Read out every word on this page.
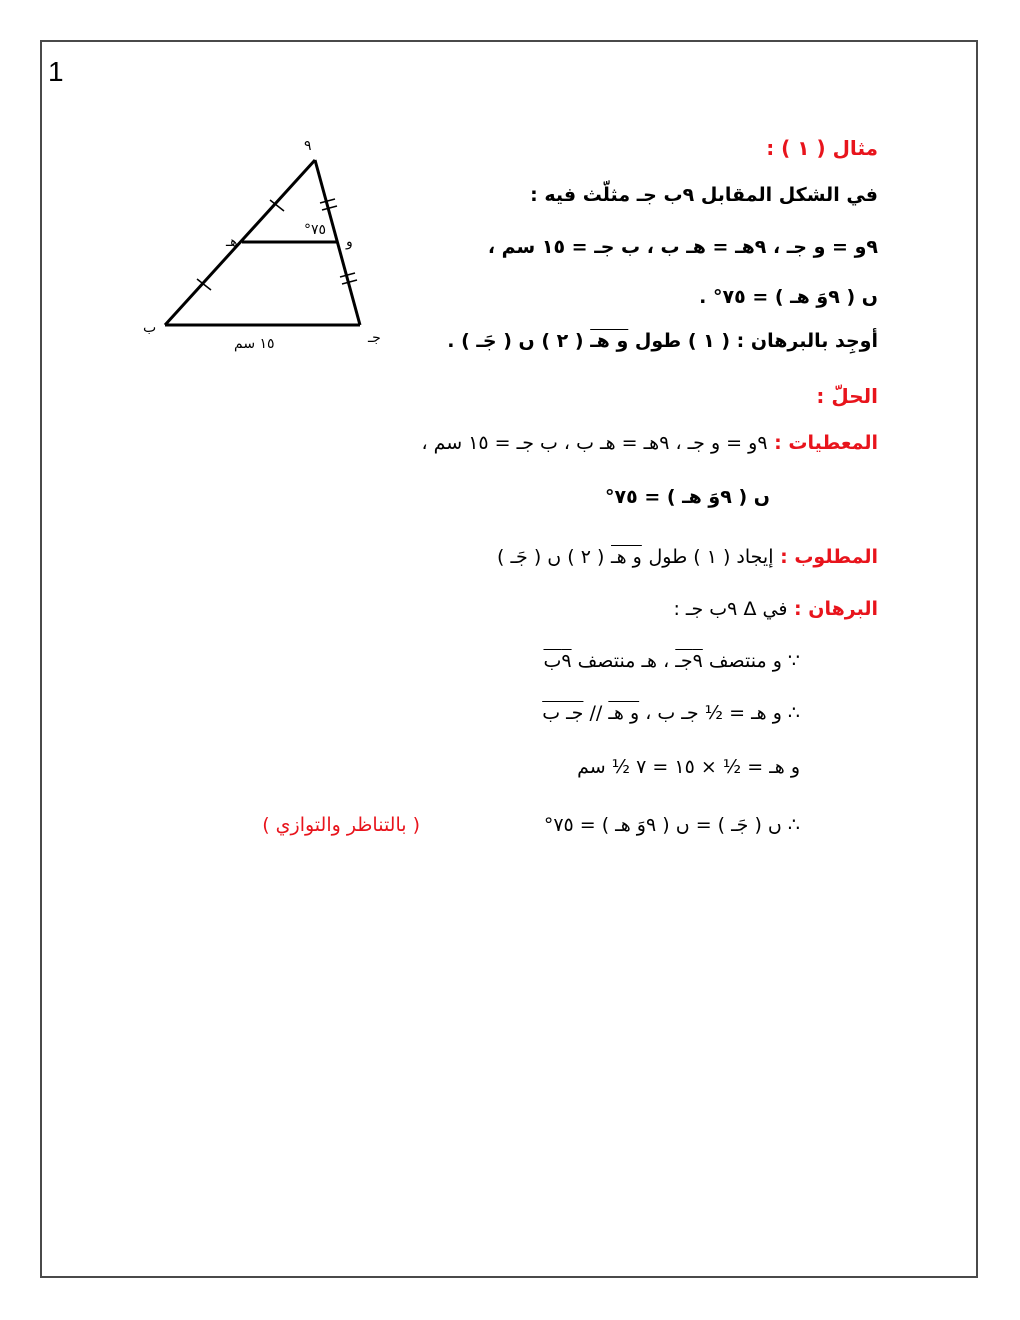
1
٩
ب
جـ
هـ	و
٧٥°
١٥ سم
مثال ( ١ ) :
في الشكل المقابل ٩ب جـ مثلّث فيه :
٩و = و جـ ، ٩هـ = هـ ب ، ب جـ = ١٥ سم ،
ں ( ٩وَ هـ ) = ٧٥° .
أوجِد بالبرهان : ( ١ ) طول و هـ ( ٢ ) ں ( جَـ ) .
الحلّ :
المعطيات : ٩و = و جـ ، ٩هـ = هـ ب ، ب جـ = ١٥ سم ،
ں ( ٩وَ هـ ) = ٧٥°
المطلوب : إيجاد ( ١ ) طول و هـ ( ٢ ) ں ( جَـ )
البرهان : في Δ ٩ب جـ :
∵ و منتصف ٩جـ ، هـ منتصف ٩ب
∴ و هـ = ½ جـ ب ، و هـ // جـ ب
و هـ = ½ × ١٥ = ٧ ½ سم
∴ ں ( جَـ ) = ں ( ٩وَ هـ ) = ٧٥°
( بالتناظر والتوازي )
